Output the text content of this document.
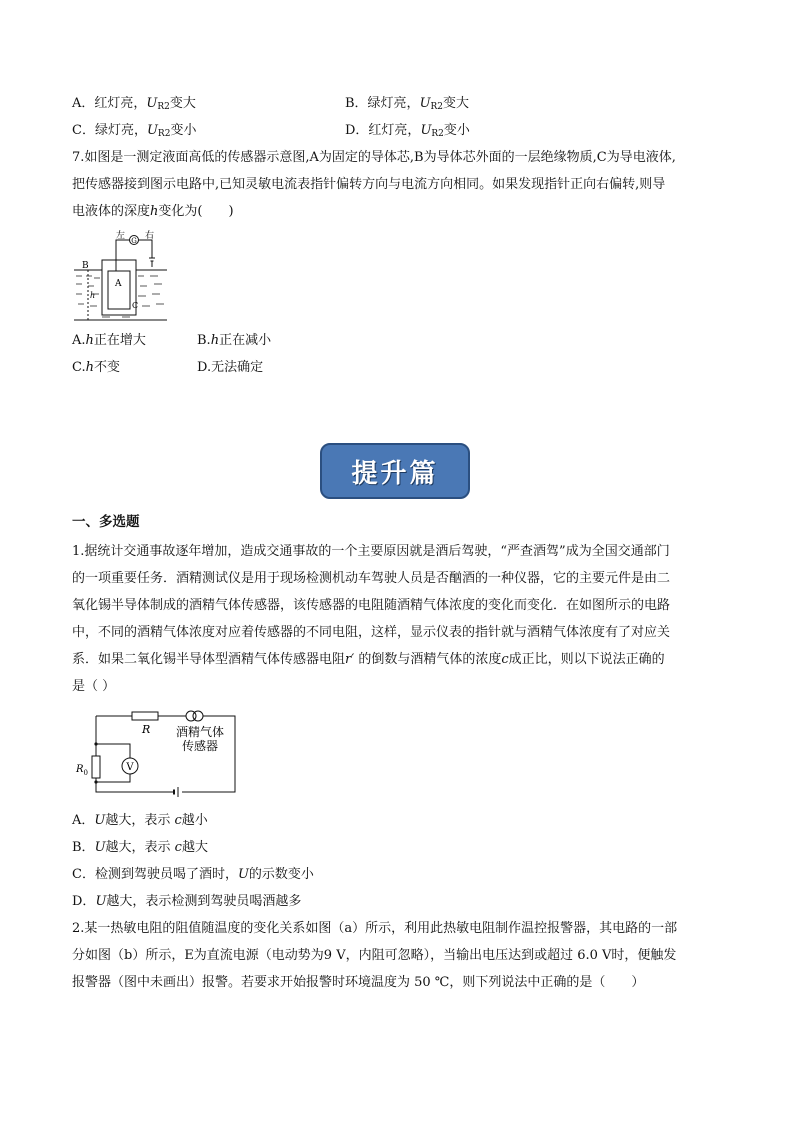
A．红灯亮，$U_{R2}$变大	B．绿灯亮，$U_{R2}$变大
C．绿灯亮，$U_{R2}$变小	D．红灯亮，$U_{R2}$变小
7.如图是一测定液面高低的传感器示意图,A为固定的导体芯,B为导体芯外面的一层绝缘物质,C为导电液体,
把传感器接到图示电路中,已知灵敏电流表指针偏转方向与电流方向相同。如果发现指针正向右偏转,则导
电液体的深度h变化为(　　)
G
左 右
B
A
C
h
A.h正在增大	B.h正在减小
C.h不变	D.无法确定
提升篇
一、多选题
1.据统计交通事故逐年增加，造成交通事故的一个主要原因就是酒后驾驶，“严查酒驾”成为全国交通部门
的一项重要任务．酒精测试仪是用于现场检测机动车驾驶人员是否酗酒的一种仪器，它的主要元件是由二
氧化锡半导体制成的酒精气体传感器，该传感器的电阻随酒精气体浓度的变化而变化．在如图所示的电路
中，不同的酒精气体浓度对应着传感器的不同电阻，这样，显示仪表的指针就与酒精气体浓度有了对应关
系．如果二氧化锡半导体型酒精气体传感器电阻r′ 的倒数与酒精气体的浓度c成正比，则以下说法正确的
是（ ）
V
R
$R_0$
酒精气体
传感器
A．U越大，表示 c越小
B．U越大，表示 c越大
C．检测到驾驶员喝了酒时，U的示数变小
D．U越大，表示检测到驾驶员喝酒越多
2.某一热敏电阻的阻值随温度的变化关系如图（a）所示，利用此热敏电阻制作温控报警器，其电路的一部
分如图（b）所示，E为直流电源（电动势为9 V，内阻可忽略），当输出电压达到或超过 6.0 V时，便触发
报警器（图中未画出）报警。若要求开始报警时环境温度为 50 ℃，则下列说法中正确的是（　　）
